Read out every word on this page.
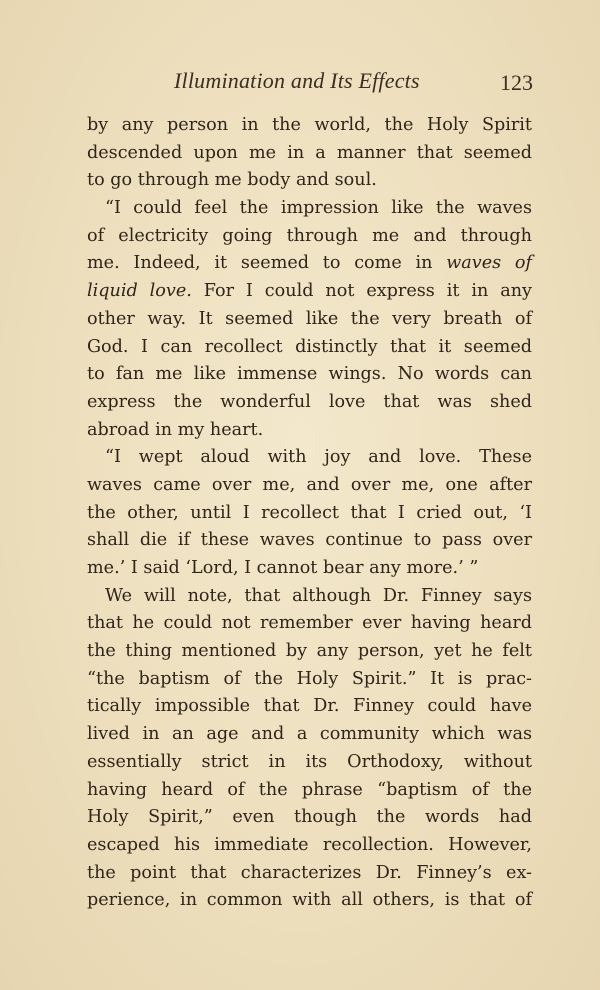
Illumination and Its Effects	123
by any person in the world, the Holy Spirit
descended upon me in a manner that seemed
to go through me body and soul.
“I could feel the impression like the waves
of electricity going through me and through
me. Indeed, it seemed to come in waves of
liquid love. For I could not express it in any
other way. It seemed like the very breath of
God. I can recollect distinctly that it seemed
to fan me like immense wings. No words can
express the wonderful love that was shed
abroad in my heart.
“I wept aloud with joy and love. These
waves came over me, and over me, one after
the other, until I recollect that I cried out, ‘I
shall die if these waves continue to pass over
me.’ I said ‘Lord, I cannot bear any more.’ ”
We will note, that although Dr. Finney says
that he could not remember ever having heard
the thing mentioned by any person, yet he felt
“the baptism of the Holy Spirit.” It is prac-
tically impossible that Dr. Finney could have
lived in an age and a community which was
essentially strict in its Orthodoxy, without
having heard of the phrase “baptism of the
Holy Spirit,” even though the words had
escaped his immediate recollection. However,
the point that characterizes Dr. Finney’s ex-
perience, in common with all others, is that of
